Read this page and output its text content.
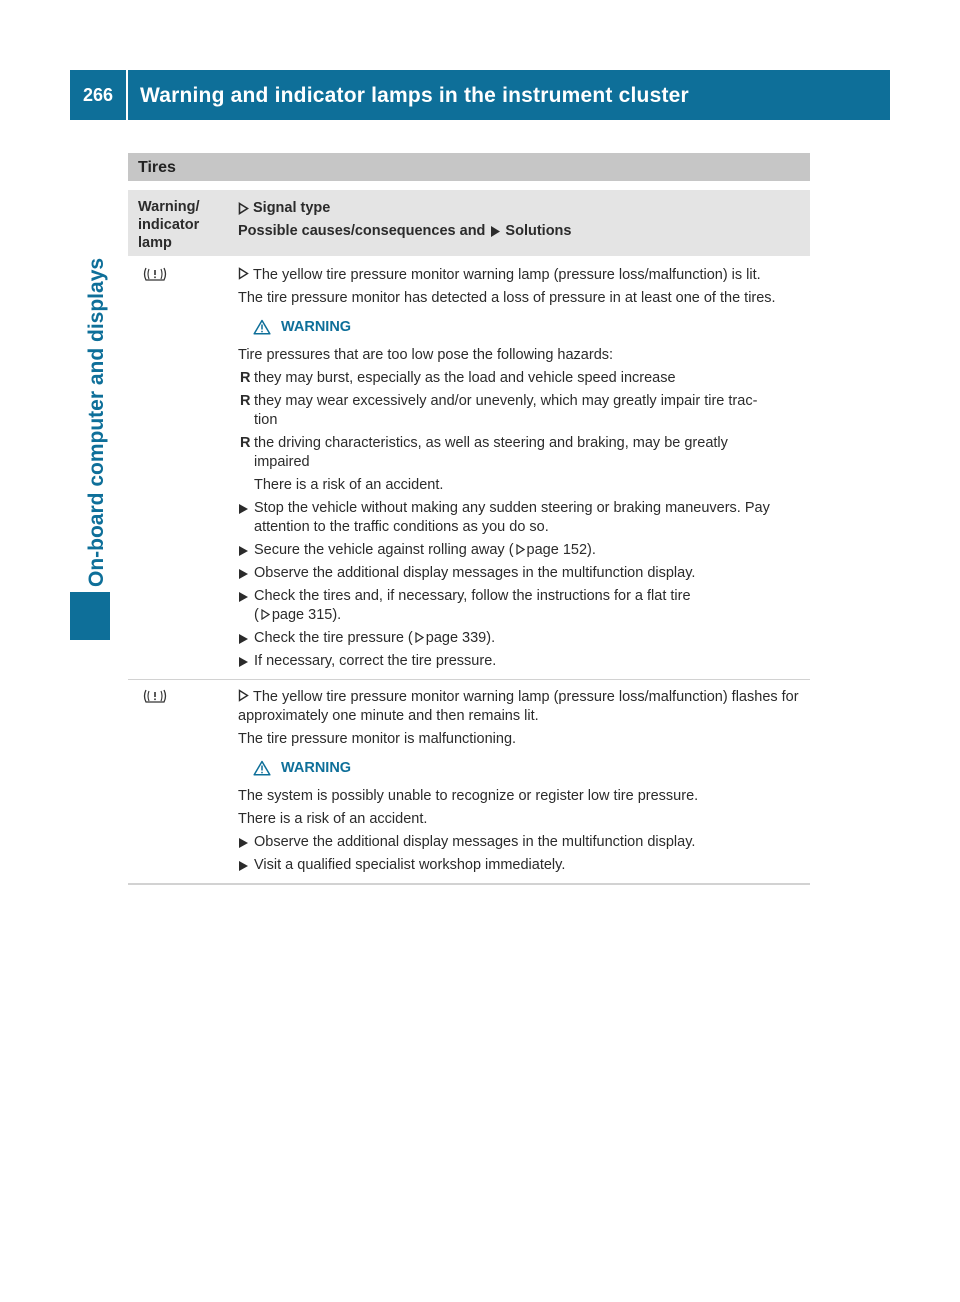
266	Warning and indicator lamps in the instrument cluster
On-board computer and displays
Tires
Warning/
indicator
lamp
Signal type
Possible causes/consequences and Solutions

The yellow tire pressure monitor warning lamp (pressure loss/malfunction) is lit.

The tire pressure monitor has detected a loss of pressure in at least one of the tires.

WARNING

Tire pressures that are too low pose the following hazards:

R they may burst, especially as the load and vehicle speed increase
R they may wear excessively and/or unevenly, which may greatly impair tire trac-
tion
R the driving characteristics, as well as steering and braking, may be greatly
impaired

There is a risk of an accident.

Stop the vehicle without making any sudden steering or braking maneuvers. Pay attention to the traffic conditions as you do so.
Secure the vehicle against rolling away ( page 152).
Observe the additional display messages in the multifunction display.
Check the tires and, if necessary, follow the instructions for a flat tire
( page 315).
Check the tire pressure ( page 339).
If necessary, correct the tire pressure.

The yellow tire pressure monitor warning lamp (pressure loss/malfunction) flashes for approximately one minute and then remains lit.

The tire pressure monitor is malfunctioning.

WARNING

The system is possibly unable to recognize or register low tire pressure.

There is a risk of an accident.

Observe the additional display messages in the multifunction display.
Visit a qualified specialist workshop immediately.
